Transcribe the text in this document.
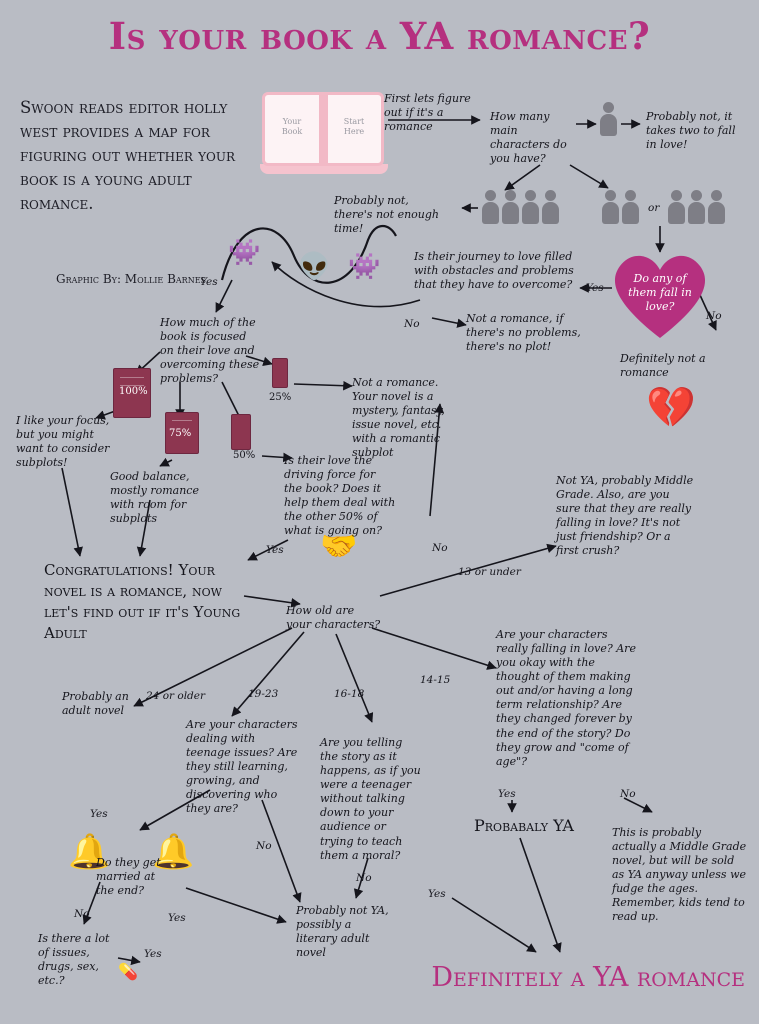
Is your book a YA romance?
Swoon reads editor holly west provides a map for figuring out whether your book is a young adult romance.
Graphic By: Mollie Barnes
Your
Book
Start
Here
Do any of them fall in love?
💔
👾 👽 👾
100%
75%
50%
25%
🤝
🔔 🔔
💊
First lets figure out if it's a romance
How many main characters do you have?
Probably not, it takes two to fall in love!
Probably not, there's not enough time!
Definitely not a romance
Is their journey to love filled with obstacles and problems that they have to overcome?
Not a romance, if there's no problems, there's no plot!
How much of the book is focused on their love and overcoming these problems?
I like your focus, but you might want to consider subplots!
Good balance, mostly romance with room for subplots
Not a romance. Your novel is a mystery, fantasy, issue novel, etc. with a romantic subplot
Is their love the driving force for the book? Does it help them deal with the other 50% of what is going on?
Congratulations! Your novel is a romance, now let's find out if it's Young Adult
Not YA, probably Middle Grade. Also, are you sure that they are really falling in love? It's not just friendship? Or a first crush?
How old are your characters?
Probably an adult novel
Are your characters dealing with teenage issues? Are they still learning, growing, and discovering who they are?
Are you telling the story as it happens, as if you were a teenager without talking down to your audience or trying to teach them a moral?
Are your characters really falling in love? Are you okay with the thought of them making out and/or having a long term relationship? Are they changed forever by the end of the story? Do they grow and "come of age"?
This is probably actually a Middle Grade novel, but will be sold as YA anyway unless we fudge the ages. Remember, kids tend to read up.
Do they get married at the end?
Is there a lot of issues, drugs, sex, etc.?
Probably not YA, possibly a literary adult novel
Probabaly YA
Definitely a YA romance
Yes	Yes
No
No
or
Yes	No
13 or under
24 or older	19-23	16-18
14-15
Yes
No
Yes
No
Yes
No
Yes
Yes	No
